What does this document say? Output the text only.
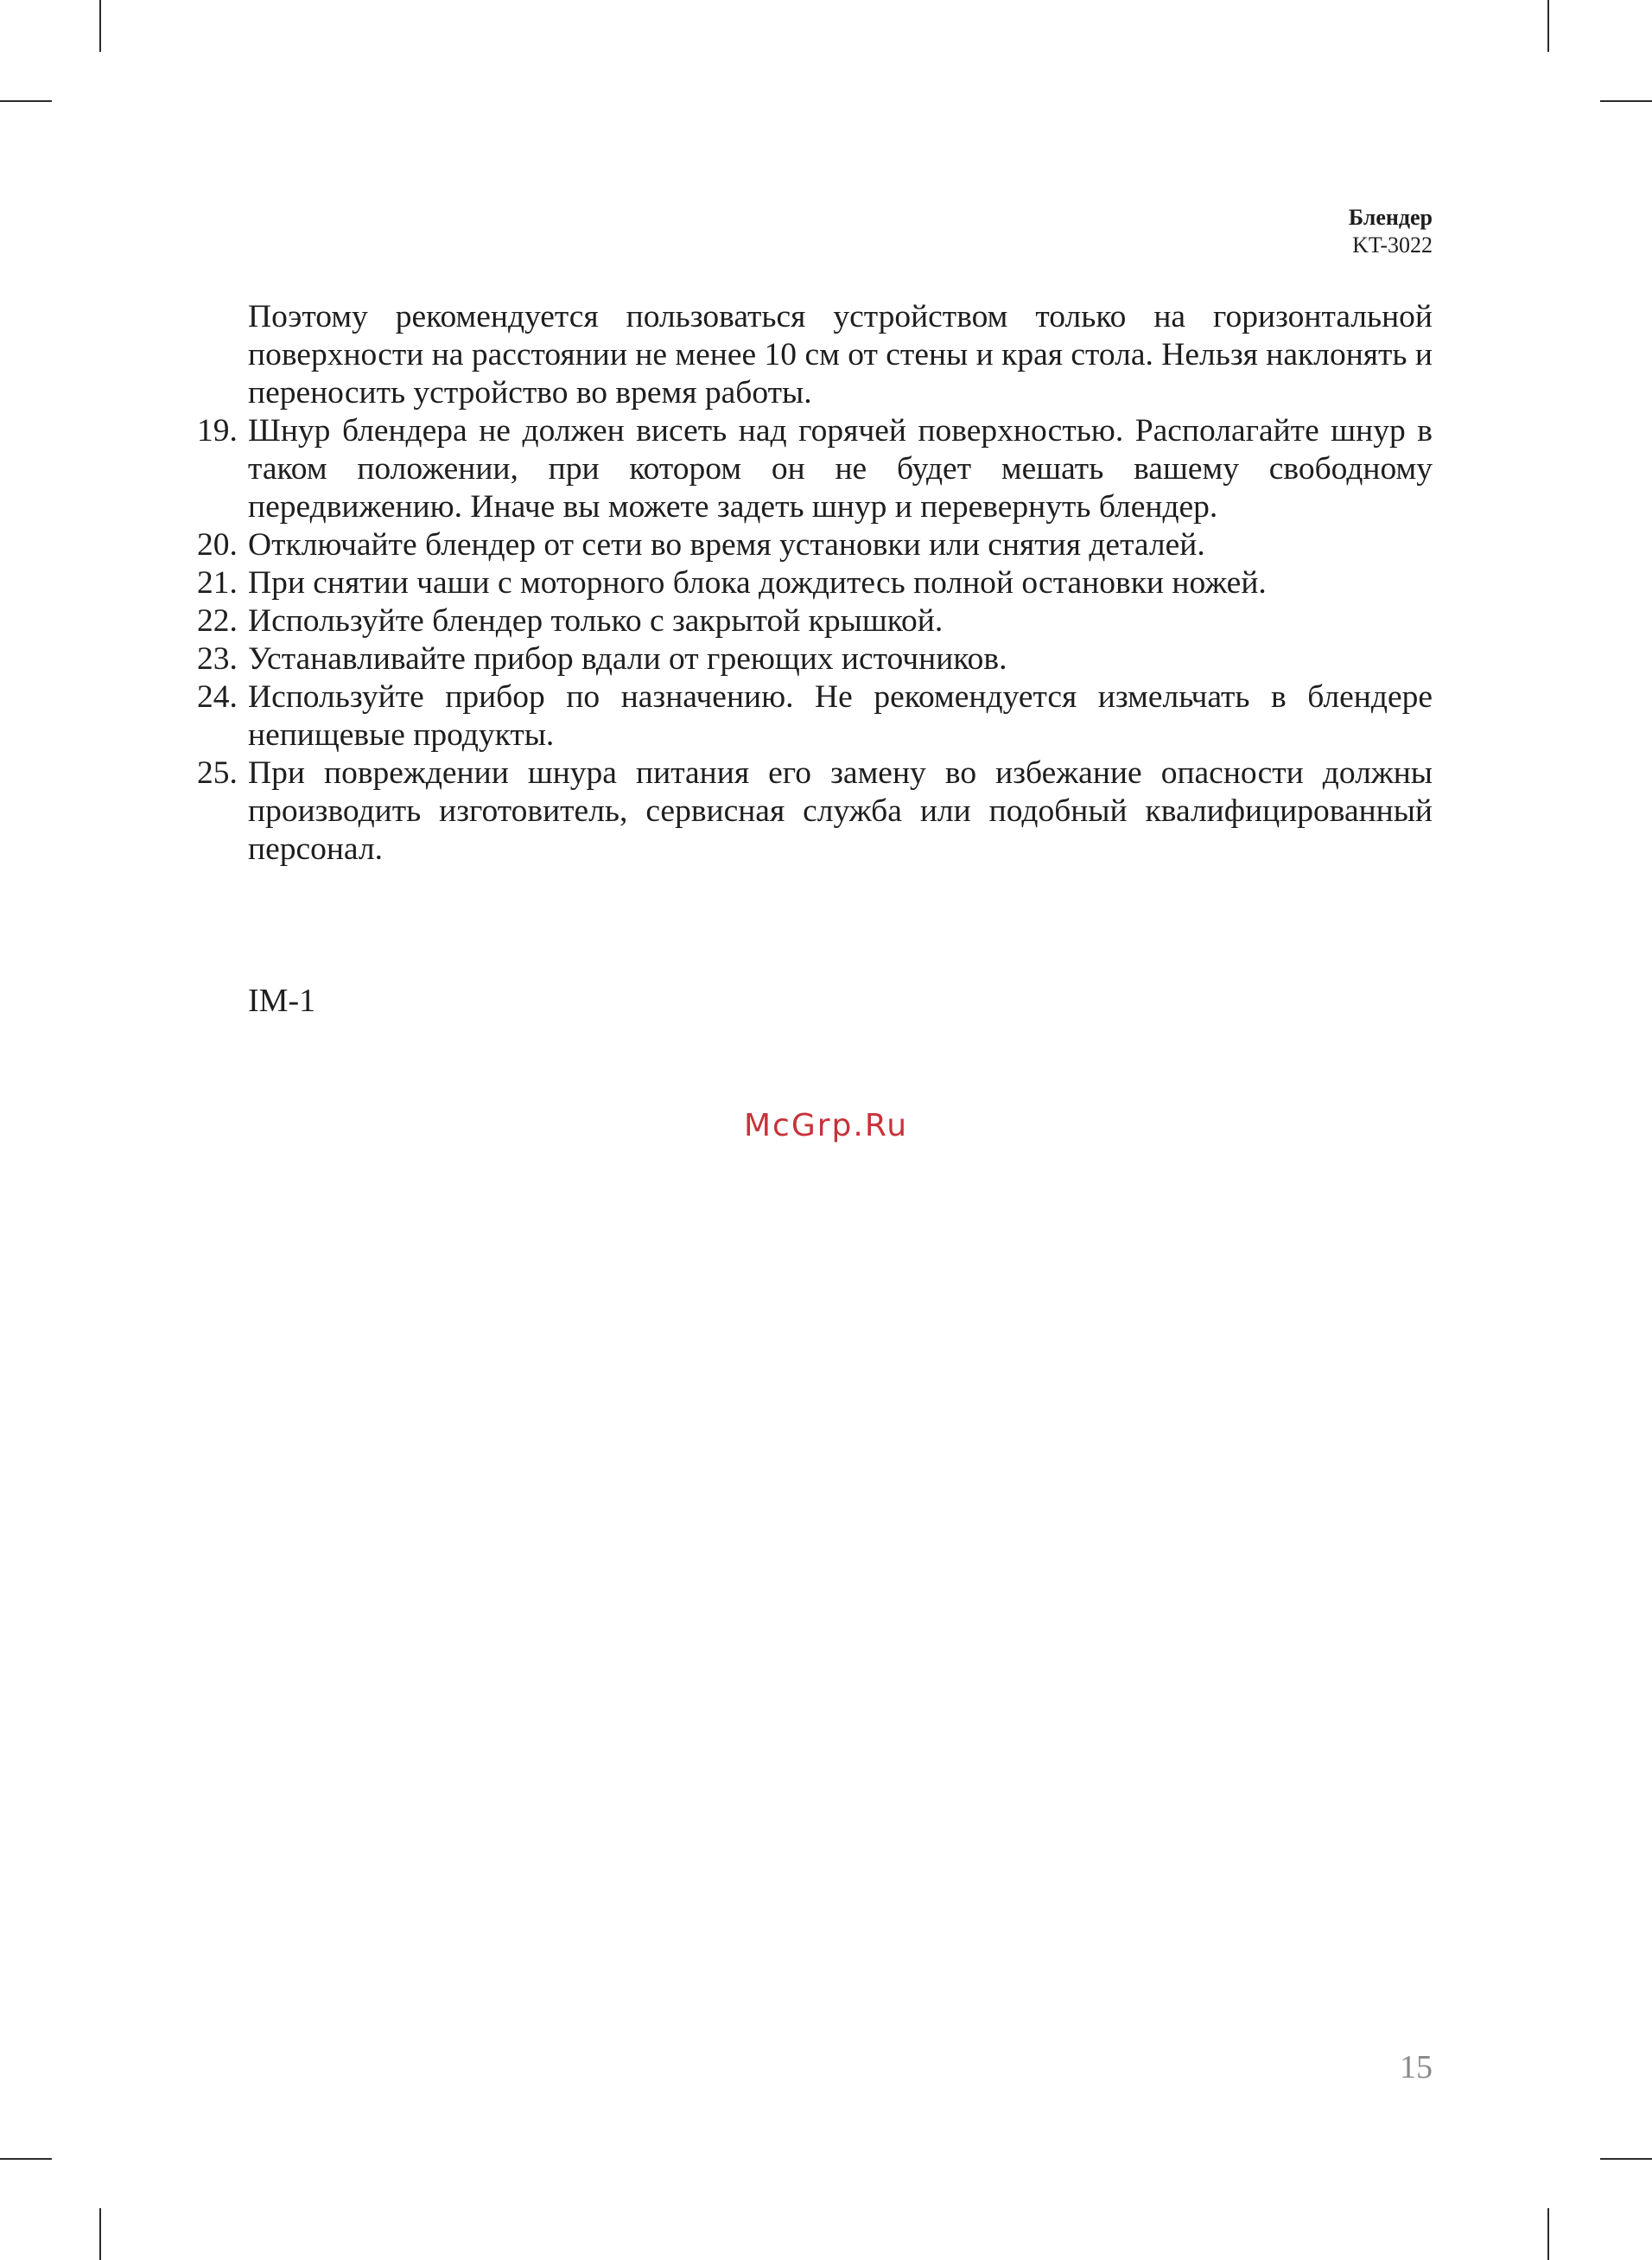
Блендер
KT-3022

Поэтому рекомендуется пользоваться устройством только на горизонтальной поверхности на расстоянии не менее 10 см от стены и края стола. Нельзя наклонять и переносить устройство во время работы.

19. Шнур блендера не должен висеть над горячей поверхностью. Располагайте шнур в таком положении, при котором он не будет мешать вашему свободному передвижению. Иначе вы можете задеть шнур и перевернуть блендер.
20. Отключайте блендер от сети во время установки или снятия деталей.
21. При снятии чаши с моторного блока дождитесь полной остановки ножей.
22. Используйте блендер только с закрытой крышкой.
23. Устанавливайте прибор вдали от греющих источников.
24. Используйте прибор по назначению. Не рекомендуется измельчать в блендере непищевые продукты.
25. При повреждении шнура питания его замену во избежание опасности должны производить изготовитель, сервисная служба или подобный квалифицированный персонал.
IM-1
McGrp.Ru
15
